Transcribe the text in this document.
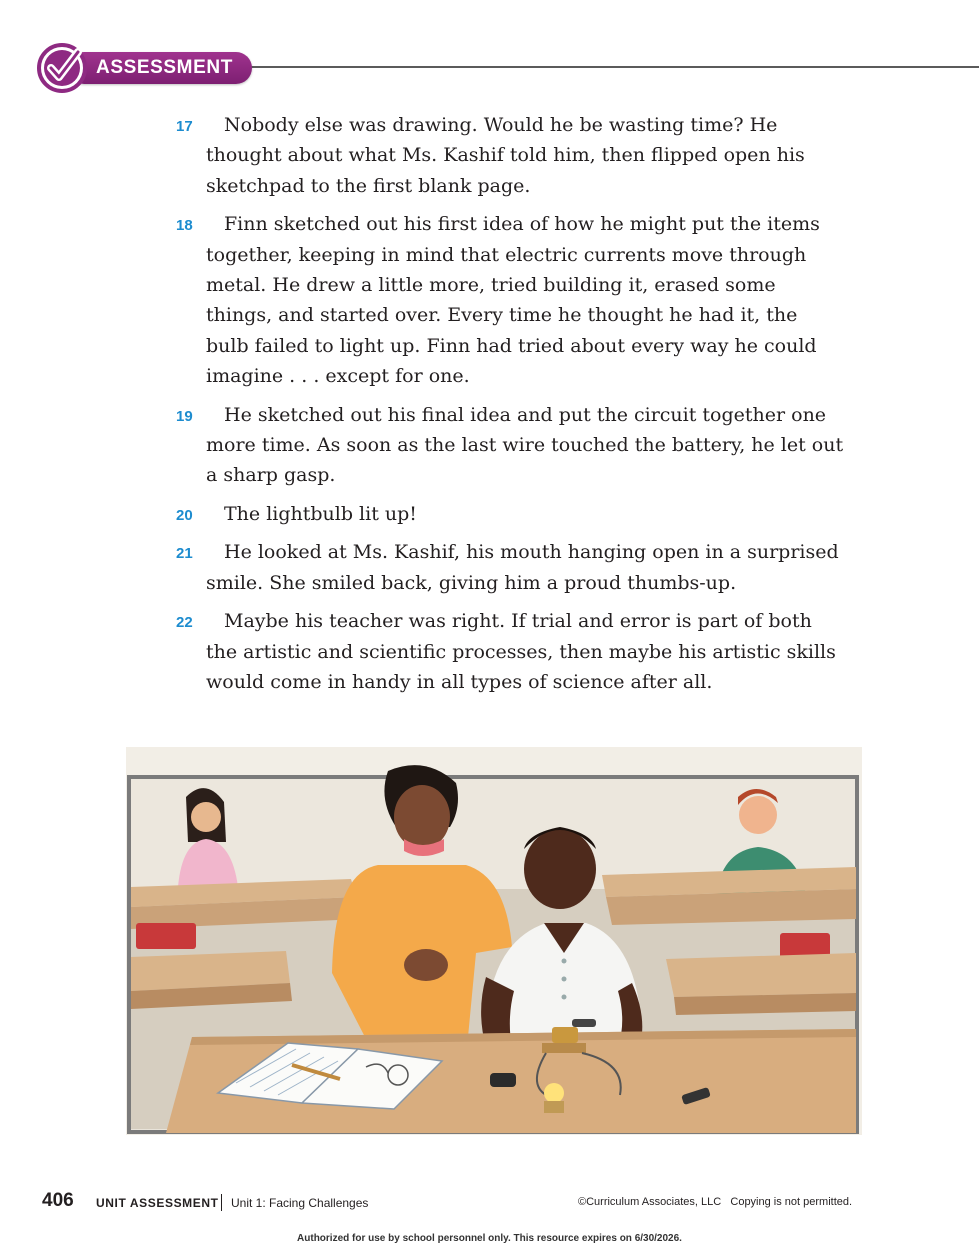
ASSESSMENT
17	Nobody else was drawing. Would he be wasting time? He thought about what Ms. Kashif told him, then flipped open his sketchpad to the first blank page.

18	Finn sketched out his first idea of how he might put the items together, keeping in mind that electric currents move through metal. He drew a little more, tried building it, erased some things, and started over. Every time he thought he had it, the bulb failed to light up. Finn had tried about every way he could imagine . . . except for one.

19	He sketched out his final idea and put the circuit together one more time. As soon as the last wire touched the battery, he let out a sharp gasp.

20	The lightbulb lit up!

21	He looked at Ms. Kashif, his mouth hanging open in a surprised smile. She smiled back, giving him a proud thumbs-up.

22	Maybe his teacher was right. If trial and error is part of both the artistic and scientific processes, then maybe his artistic skills would come in handy in all types of science after all.

406 UNIT ASSESSMENT Unit 1: Facing Challenges	©Curriculum Associates, LLC   Copying is not permitted.
Authorized for use by school personnel only. This resource expires on 6/30/2026.
